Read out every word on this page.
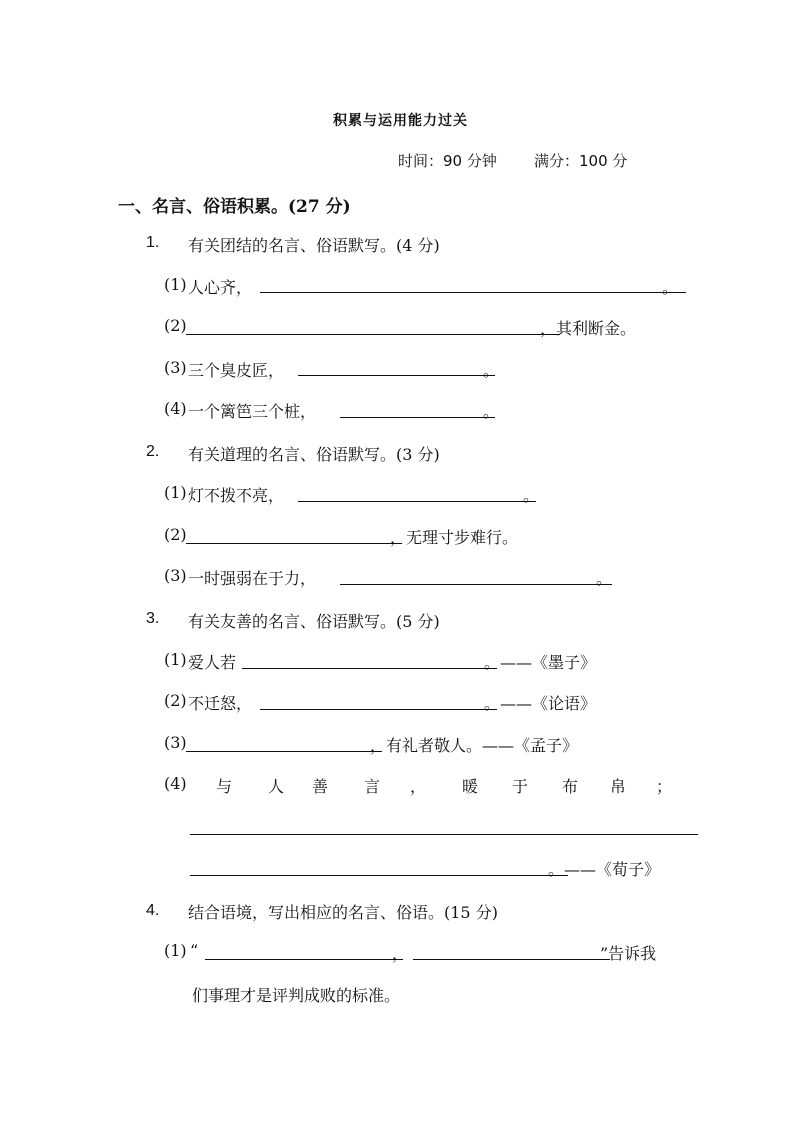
积累与运用能力过关
时间：90 分钟 满分：100 分
一、名言、俗语积累。(27 分)
1. 有关团结的名言、俗语默写。(4 分)
(1) 人心齐，	。
(2)	，其利断金。
(3) 三个臭皮匠，	。
(4) 一个篱笆三个桩，	。
2. 有关道理的名言、俗语默写。(3 分)
(1) 灯不拨不亮，	。
(2)	，无理寸步难行。
(3) 一时强弱在于力，	。
3. 有关友善的名言、俗语默写。(5 分)
(1) 爱人若	。——《墨子》
(2) 不迁怒，	。——《论语》
(3)	，有礼者敬人。——《孟子》
(4) 与 人 善 言 ， 暖 于 布 帛 ；
。——《荀子》
4. 结合语境，写出相应的名言、俗语。(15 分)
(1) “	，	”告诉我
们事理才是评判成败的标准。
